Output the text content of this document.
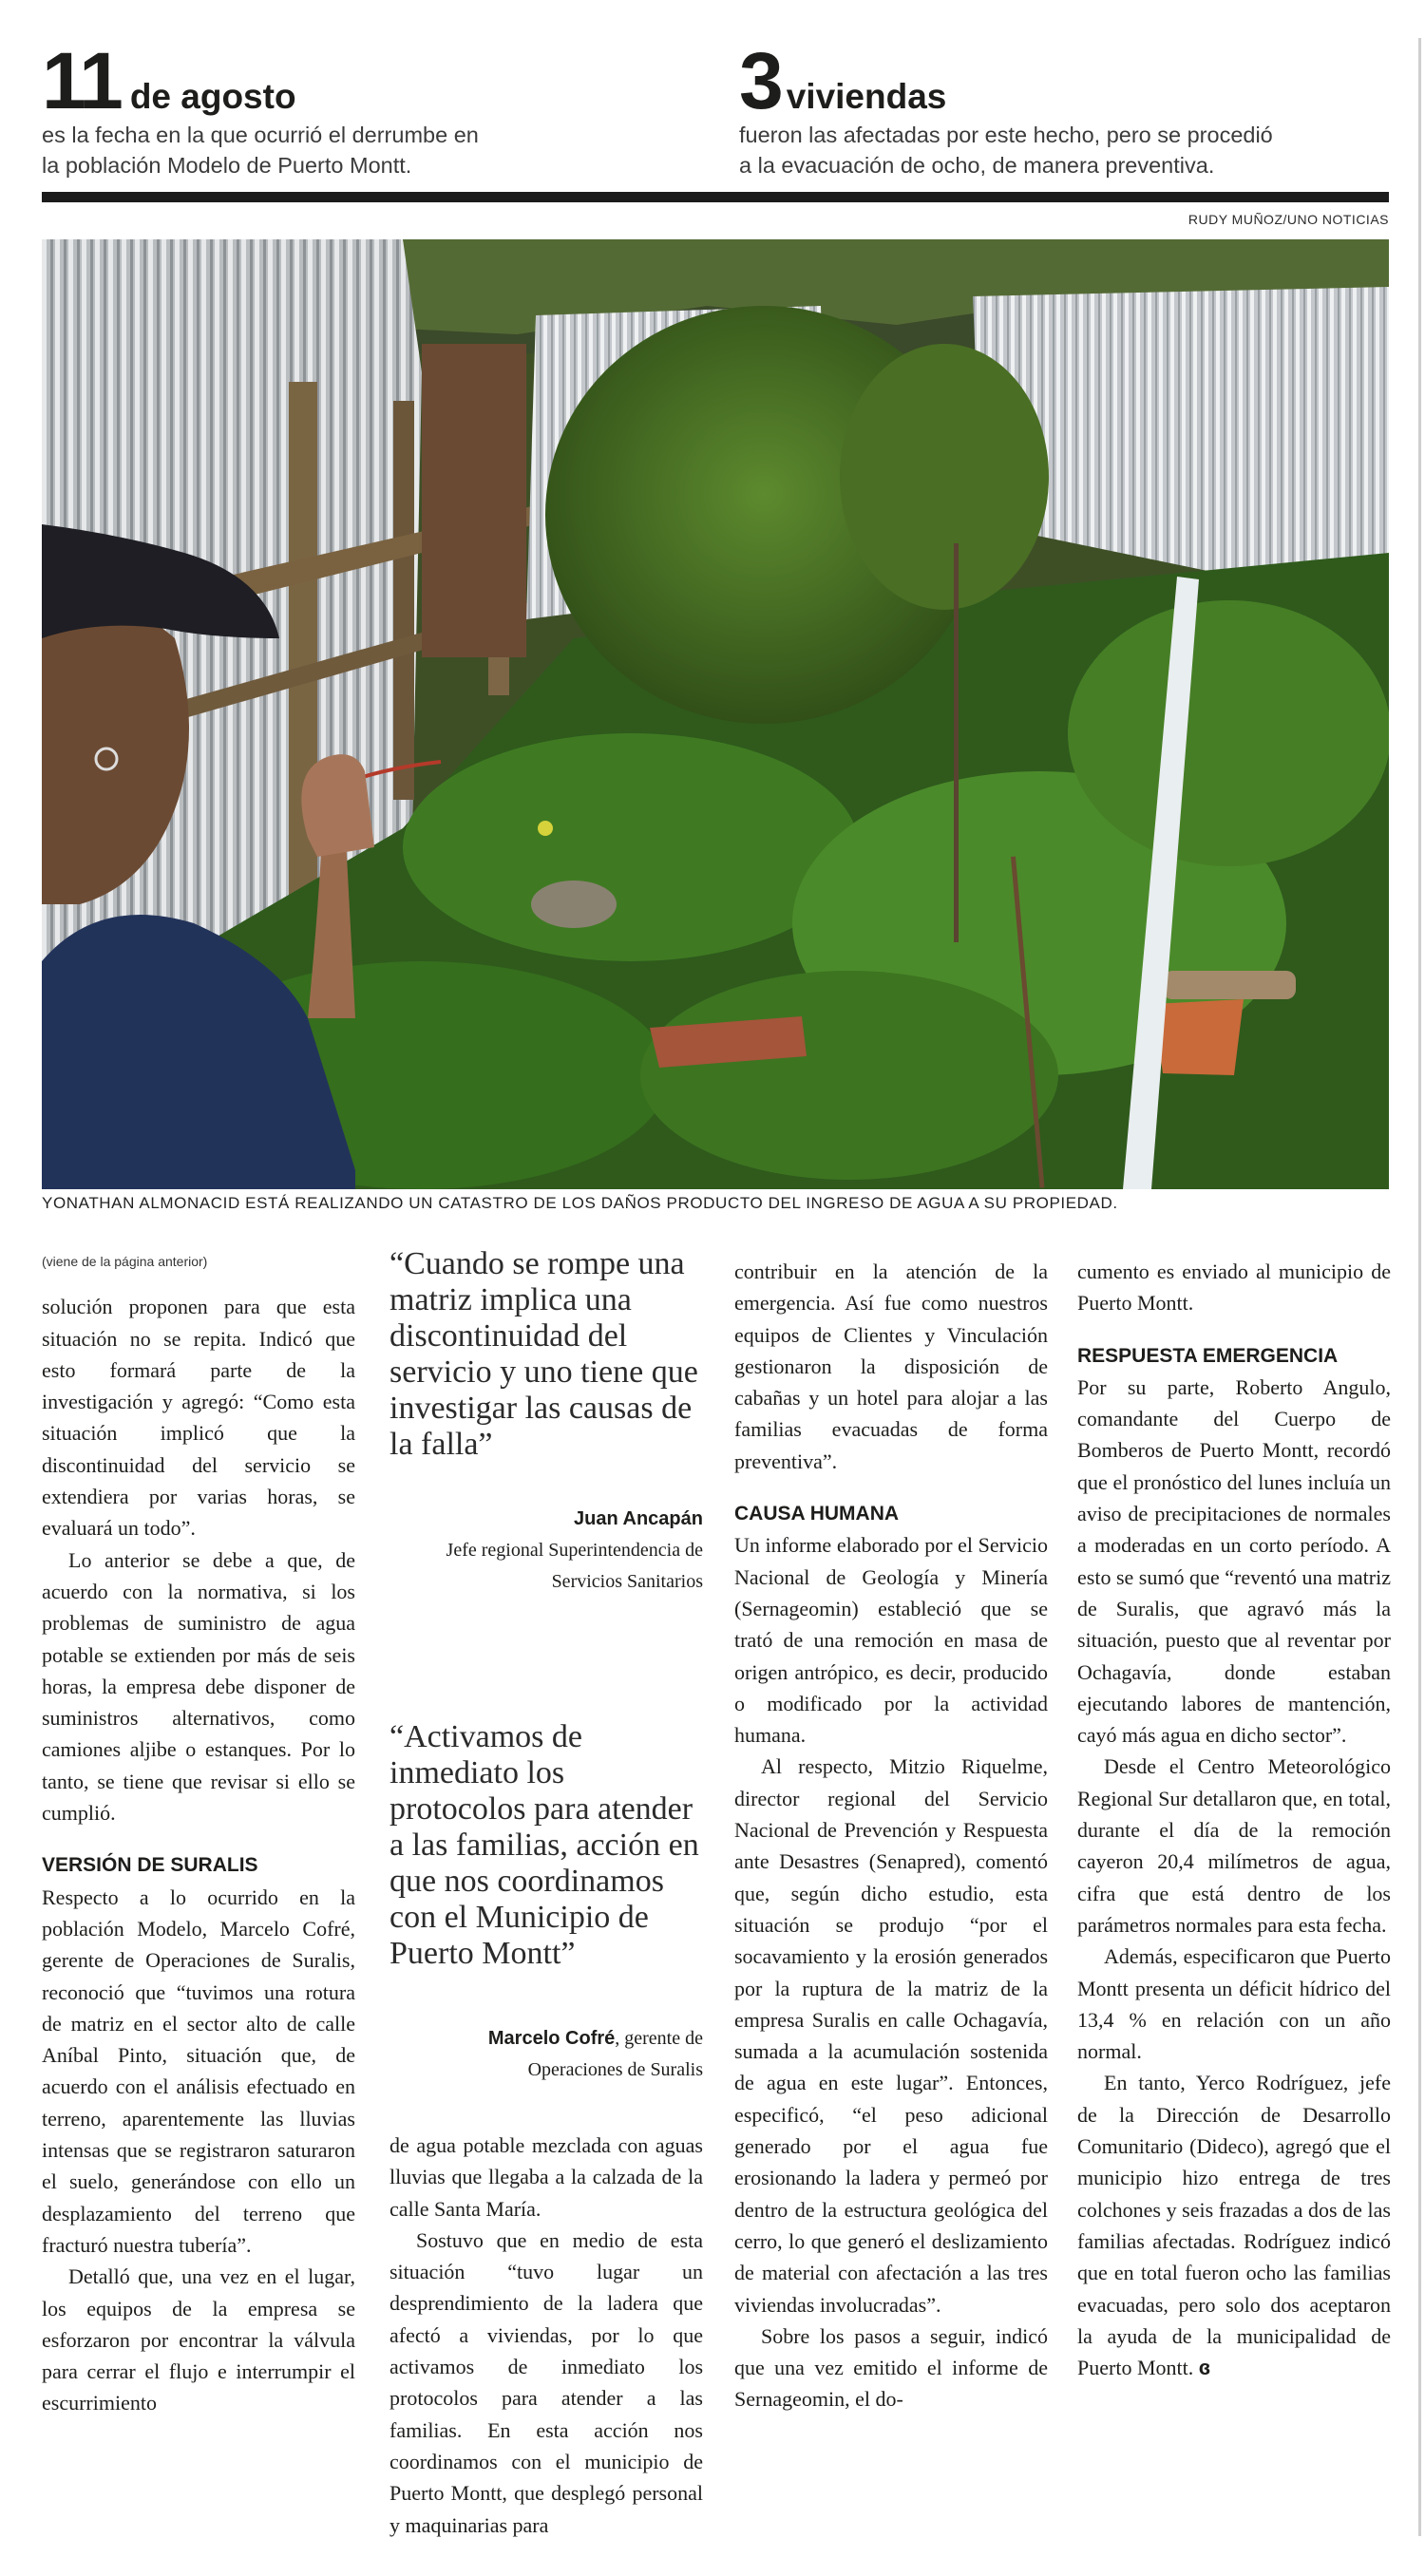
11 de agosto
es la fecha en la que ocurrió el derrumbe en
la población Modelo de Puerto Montt.
3 viviendas
fueron las afectadas por este hecho, pero se procedió
a la evacuación de ocho, de manera preventiva.
RUDY MUÑOZ/UNO NOTICIAS
YONATHAN ALMONACID ESTÁ REALIZANDO UN CATASTRO DE LOS DAÑOS PRODUCTO DEL INGRESO DE AGUA A SU PROPIEDAD.

(viene de la página anterior)

solución proponen para que esta situación no se repita. Indicó que esto formará parte de la investigación y agregó: “Como esta situación implicó que la discontinuidad del servicio se extendiera por varias horas, se evaluará un todo”.

Lo anterior se debe a que, de acuerdo con la normativa, si los problemas de suministro de agua potable se extienden por más de seis horas, la empresa debe disponer de suministros alternativos, como camiones aljibe o estanques. Por lo tanto, se tiene que revisar si ello se cumplió.

VERSIÓN DE SURALIS

Respecto a lo ocurrido en la población Modelo, Marcelo Cofré, gerente de Operaciones de Suralis, reconoció que “tuvimos una rotura de matriz en el sector alto de calle Aníbal Pinto, situación que, de acuerdo con el análisis efectuado en terreno, aparentemente las lluvias intensas que se registraron saturaron el suelo, generándose con ello un desplazamiento del terreno que fracturó nuestra tubería”.

Detalló que, una vez en el lugar, los equipos de la empresa se esforzaron por encontrar la válvula para cerrar el flujo e interrumpir el escurrimiento

“Cuando se rompe una matriz implica una discontinuidad del servicio y uno tiene que investigar las causas de la falla”
Juan Ancapán
Jefe regional Superintendencia de Servicios Sanitarios
“Activamos de inmediato los protocolos para atender a las familias, acción en que nos coordinamos con el Municipio de Puerto Montt”
Marcelo Cofré, gerente de Operaciones de Suralis

de agua potable mezclada con aguas lluvias que llegaba a la calzada de la calle Santa María.

Sostuvo que en medio de esta situación “tuvo lugar un desprendimiento de la ladera que afectó a viviendas, por lo que activamos de inmediato los protocolos para atender a las familias. En esta acción nos coordinamos con el municipio de Puerto Montt, que desplegó personal y maquinarias para

contribuir en la atención de la emergencia. Así fue como nuestros equipos de Clientes y Vinculación gestionaron la disposición de cabañas y un hotel para alojar a las familias evacuadas de forma preventiva”.

CAUSA HUMANA

Un informe elaborado por el Servicio Nacional de Geología y Minería (Sernageomin) estableció que se trató de una remoción en masa de origen antrópico, es decir, producido o modificado por la actividad humana.

Al respecto, Mitzio Riquelme, director regional del Servicio Nacional de Prevención y Respuesta ante Desastres (Senapred), comentó que, según dicho estudio, esta situación se produjo “por el socavamiento y la erosión generados por la ruptura de la matriz de la empresa Suralis en calle Ochagavía, sumada a la acumulación sostenida de agua en este lugar”. Entonces, especificó, “el peso adicional generado por el agua fue erosionando la ladera y permeó por dentro de la estructura geológica del cerro, lo que generó el deslizamiento de material con afectación a las tres viviendas involucradas”.

Sobre los pasos a seguir, indicó que una vez emitido el informe de Sernageomin, el do-

cumento es enviado al municipio de Puerto Montt.

RESPUESTA EMERGENCIA

Por su parte, Roberto Angulo, comandante del Cuerpo de Bomberos de Puerto Montt, recordó que el pronóstico del lunes incluía un aviso de precipitaciones de normales a moderadas en un corto período. A esto se sumó que “reventó una matriz de Suralis, que agravó más la situación, puesto que al reventar por Ochagavía, donde estaban ejecutando labores de mantención, cayó más agua en dicho sector”.

Desde el Centro Meteorológico Regional Sur detallaron que, en total, durante el día de la remoción cayeron 20,4 milímetros de agua, cifra que está dentro de los parámetros normales para esta fecha.

Además, especificaron que Puerto Montt presenta un déficit hídrico del 13,4 % en relación con un año normal.

En tanto, Yerco Rodríguez, jefe de la Dirección de Desarrollo Comunitario (Dideco), agregó que el municipio hizo entrega de tres colchones y seis frazadas a dos de las familias afectadas. Rodríguez indicó que en total fueron ocho las familias evacuadas, pero solo dos aceptaron la ayuda de la municipalidad de Puerto Montt. ɞ
